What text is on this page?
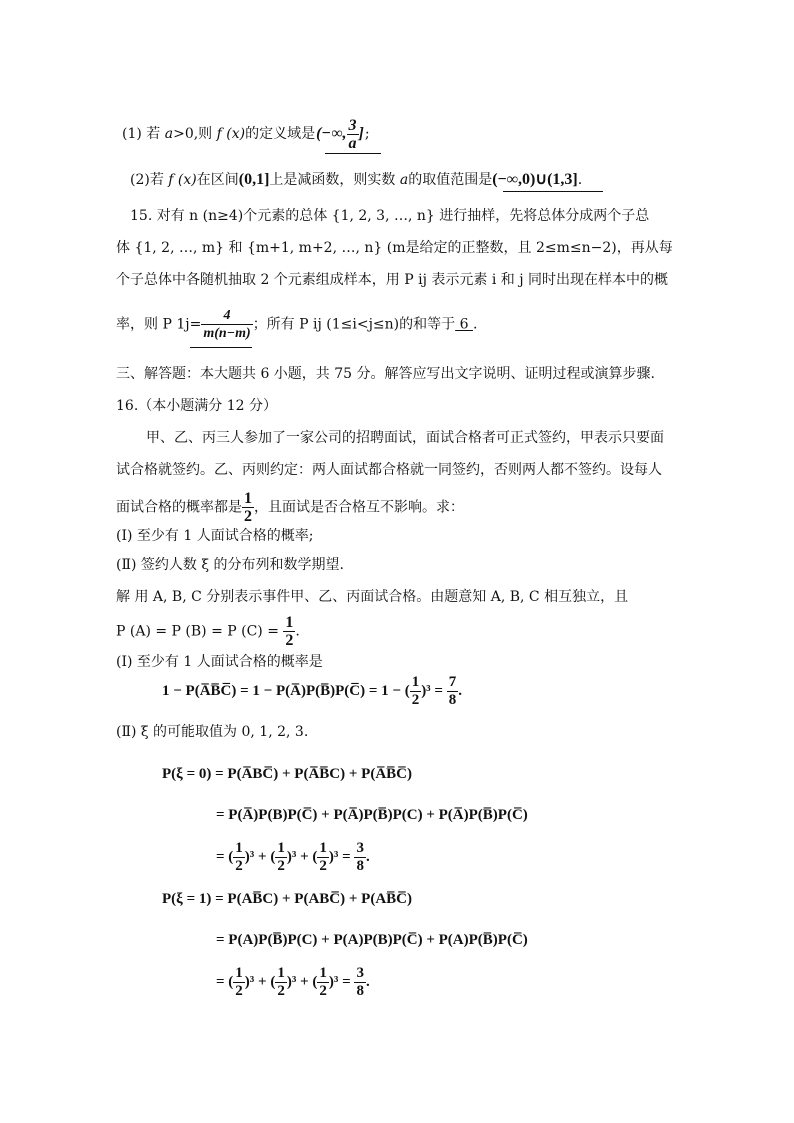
(1) 若 a>0,则 f (x)的定义域是(−∞, $\frac{3}{a}$ ];
(2)若 f (x)在区间(0,1]上是减函数，则实数 a的取值范围是(−∞,0)∪(1,3].
15. 对有 n (n≥4)个元素的总体 {1, 2, 3, …, n} 进行抽样，先将总体分成两个子总
体 {1, 2, …, m} 和 {m+1, m+2, …, n} (m是给定的正整数，且 2≤m≤n−2)，再从每
个子总体中各随机抽取 2 个元素组成样本，用 P ij 表示元素 i 和 j 同时出现在样本中的概
率，则 P $1j= \frac{4}{m(n-m)}$ ；所有 P ij (1≤i<j≤n)的和等于 6 .
三、解答题：本大题共 6 小题，共 75 分。解答应写出文字说明、证明过程或演算步骤.
16.（本小题满分 12 分）
甲、乙、丙三人参加了一家公司的招聘面试，面试合格者可正式签约，甲表示只要面
试合格就签约。乙、丙则约定：两人面试都合格就一同签约，否则两人都不签约。设每人
面试合格的概率都是 $\frac{1}{2}$ ，且面试是否合格互不影响。求：
(Ⅰ) 至少有 1 人面试合格的概率;
(Ⅱ) 签约人数 ξ 的分布列和数学期望.
解 用 A, B, C 分别表示事件甲、乙、丙面试合格。由题意知 A, B, C 相互独立，且
P (A) = P (B) = P $(C) = \frac{1}{2}$ .
(Ⅰ) 至少有 1 人面试合格的概率是
1 − P(A̅B̅C̅) = 1 − P(A̅)P(B̅)P(C̅) = 1 − ( $\frac{1}{2} )^3 = \frac{7}{8}$ .
(Ⅱ) ξ 的可能取值为 0, 1, 2, 3.
P(ξ = 0) = P(A̅BC̅) + P(A̅B̅C) + P(A̅B̅C̅)
= P(A̅)P(B)P(C̅) + P(A̅)P(B̅)P(C) + P(A̅)P(B̅)P(C̅)
= ( $\frac{1}{2} )^3$ + ( $\frac{1}{2} )^3$ + ( $\frac{1}{2} )^3 = \frac{3}{8}$ .
P(ξ = 1) = P(AB̅C) + P(ABC̅) + P(AB̅C̅)
= P(A)P(B̅)P(C) + P(A)P(B)P(C̅) + P(A)P(B̅)P(C̅)
= ( $\frac{1}{2} )^3$ + ( $\frac{1}{2} )^3$ + ( $\frac{1}{2} )^3 = \frac{3}{8}$ .
